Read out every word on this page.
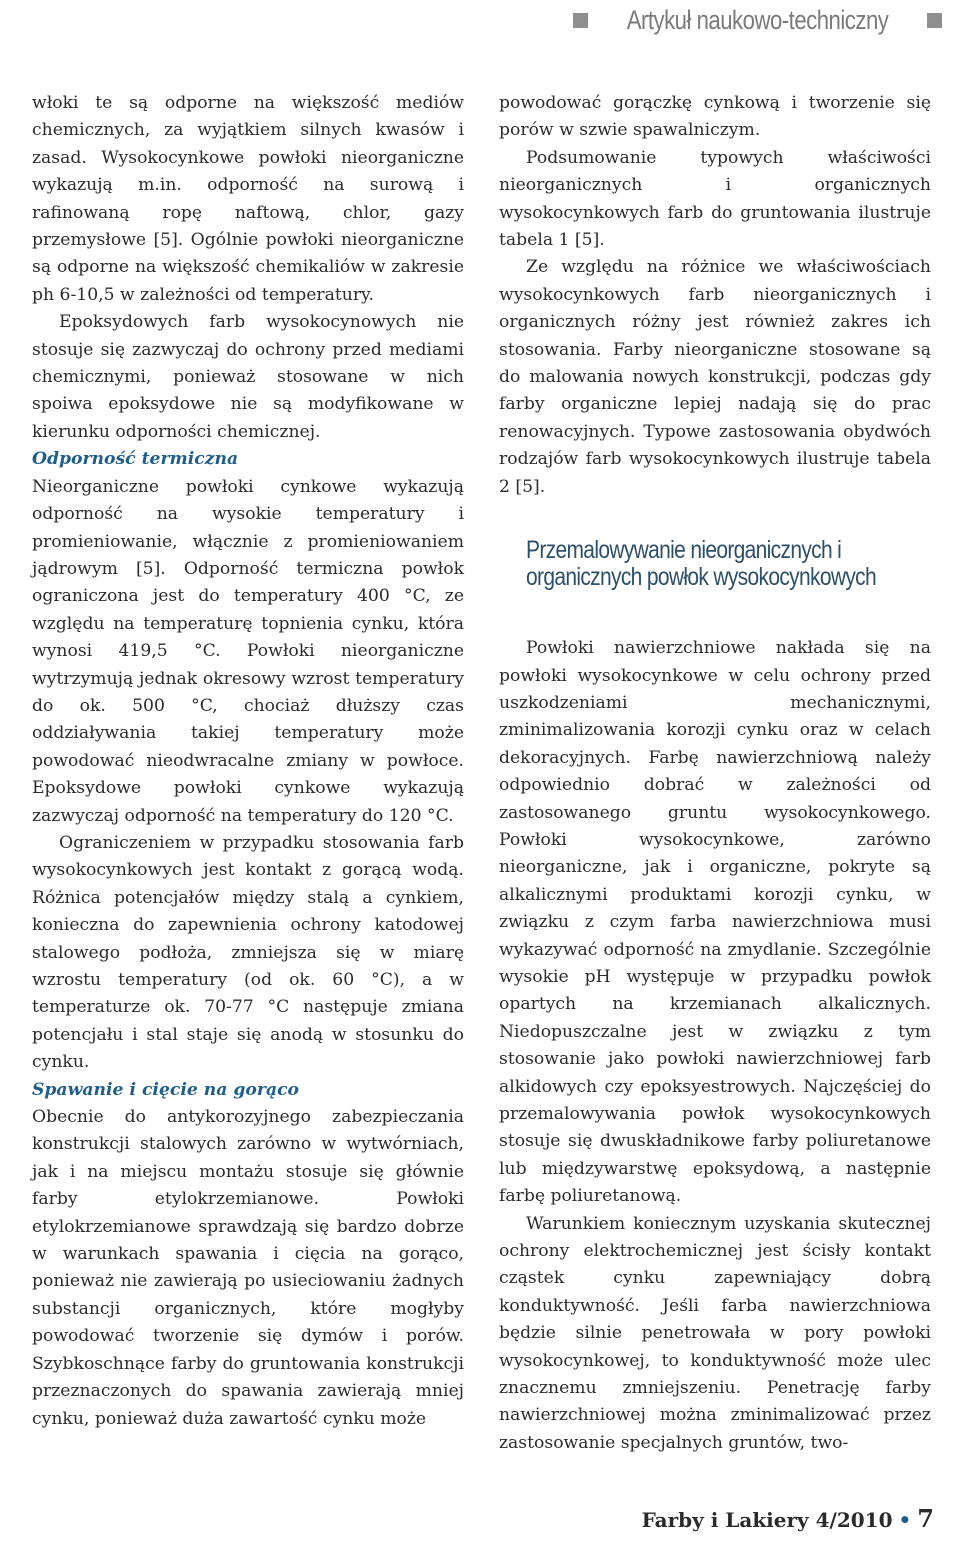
Artykuł naukowo-techniczny

włoki te są odporne na większość mediów chemicznych, za wyjątkiem silnych kwasów i zasad. Wysokocynkowe powłoki nieorganiczne wykazują m.in. odporność na surową i rafinowaną ropę naftową, chlor, gazy przemysłowe [5]. Ogólnie powłoki nieorganiczne są odporne na większość chemikaliów w zakresie ph 6-10,5 w zależności od temperatury.

Epoksydowych farb wysokocynowych nie stosuje się zazwyczaj do ochrony przed mediami chemicznymi, ponieważ stosowane w nich spoiwa epoksydowe nie są modyfikowane w kierunku odporności chemicznej.

Odporność termiczna

Nieorganiczne powłoki cynkowe wykazują odporność na wysokie temperatury i promieniowanie, włącznie z promieniowaniem jądrowym [5]. Odporność termiczna powłok ograniczona jest do temperatury 400 °C, ze względu na temperaturę topnienia cynku, która wynosi 419,5 °C. Powłoki nieorganiczne wytrzymują jednak okresowy wzrost temperatury do ok. 500 °C, chociaż dłuższy czas oddziaływania takiej temperatury może powodować nieodwracalne zmiany w powłoce. Epoksydowe powłoki cynkowe wykazują zazwyczaj odporność na temperatury do 120 °C.

Ograniczeniem w przypadku stosowania farb wysokocynkowych jest kontakt z gorącą wodą. Różnica potencjałów między stalą a cynkiem, konieczna do zapewnienia ochrony katodowej stalowego podłoża, zmniejsza się w miarę wzrostu temperatury (od ok. 60 °C), a w temperaturze ok. 70-77 °C następuje zmiana potencjału i stal staje się anodą w stosunku do cynku.

Spawanie i cięcie na gorąco

Obecnie do antykorozyjnego zabezpieczania konstrukcji stalowych zarówno w wytwórniach, jak i na miejscu montażu stosuje się głównie farby etylokrzemianowe. Powłoki etylokrzemianowe sprawdzają się bardzo dobrze w warunkach spawania i cięcia na gorąco, ponieważ nie zawierają po usieciowaniu żadnych substancji organicznych, które mogłyby powodować tworzenie się dymów i porów. Szybkoschnące farby do gruntowania konstrukcji przeznaczonych do spawania zawierają mniej cynku, ponieważ duża zawartość cynku może

powodować gorączkę cynkową i tworzenie się porów w szwie spawalniczym.

Podsumowanie typowych właściwości nieorganicznych i organicznych wysokocynkowych farb do gruntowania ilustruje tabela 1 [5].

Ze względu na różnice we właściwościach wysokocynkowych farb nieorganicznych i organicznych różny jest również zakres ich stosowania. Farby nieorganiczne stosowane są do malowania nowych konstrukcji, podczas gdy farby organiczne lepiej nadają się do prac renowacyjnych. Typowe zastosowania obydwóch rodzajów farb wysokocynkowych ilustruje tabela 2 [5].

Przemalowywanie nieorganicznych i organicznych powłok wysokocynkowych

Powłoki nawierzchniowe nakłada się na powłoki wysokocynkowe w celu ochrony przed uszkodzeniami mechanicznymi, zminimalizowania korozji cynku oraz w celach dekoracyjnych. Farbę nawierzchniową należy odpowiednio dobrać w zależności od zastosowanego gruntu wysokocynkowego. Powłoki wysokocynkowe, zarówno nieorganiczne, jak i organiczne, pokryte są alkalicznymi produktami korozji cynku, w związku z czym farba nawierzchniowa musi wykazywać odporność na zmydlanie. Szczególnie wysokie pH występuje w przypadku powłok opartych na krzemianach alkalicznych. Niedopuszczalne jest w związku z tym stosowanie jako powłoki nawierzchniowej farb alkidowych czy epoksyestrowych. Najczęściej do przemalowywania powłok wysokocynkowych stosuje się dwuskładnikowe farby poliuretanowe lub międzywarstwę epoksydową, a następnie farbę poliuretanową.

Warunkiem koniecznym uzyskania skutecznej ochrony elektrochemicznej jest ścisły kontakt cząstek cynku zapewniający dobrą konduktywność. Jeśli farba nawierzchniowa będzie silnie penetrowała w pory powłoki wysokocynkowej, to konduktywność może ulec znacznemu zmniejszeniu. Penetrację farby nawierzchniowej można zminimalizować przez zastosowanie specjalnych gruntów, two-

Farby i Lakiery 4/2010 • 7
